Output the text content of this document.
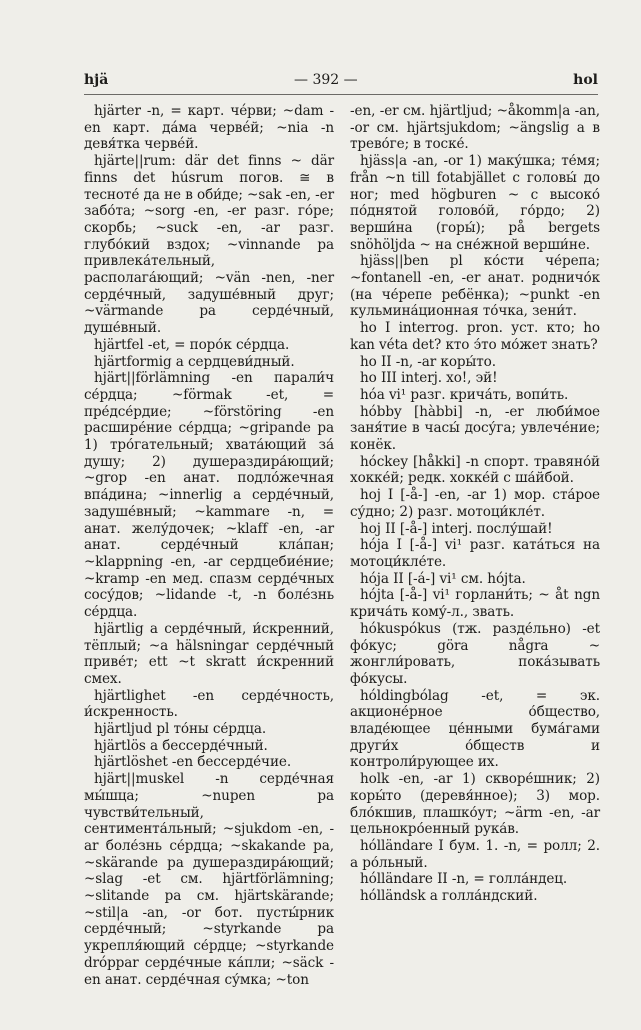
hjä	— 392 —	hol

hjärter -n, = карт. чéрви; ~dam -en карт. дáма червéй; ~nia -n девя́тка червéй.

hjärte||rum: där det finns ~ där finns det húsrum погов. ≅ в тесноте́ да не в оби́де; ~sak -en, -er забо́та; ~sorg -en, -er разг. го́ре; скорбь; ~suck -en, -ar разг. глубо́кий вздох; ~vinnande pa привлека́тельный, располага́ющий; ~vän -nen, -ner серде́чный, задуше́вный друг; ~värmande pa серде́чный, душе́вный.

hjärtfel -et, = поро́к се́рдца.

hjärtformig a сердцеви́дный.

hjärt||förlämning -en парали́ч се́рдца; ~förmak -et, = пре́дсе́рдие; ~förstöring -en расшире́ние се́рдца; ~gripande pa 1) тро́гательный; хвата́ющий за́ душу; 2) душераздира́ющий; ~grop -en анат. подло́жечная впа́дина; ~innerlig a серде́чный, задуше́вный; ~kammare -n, = анат. желу́дочек; ~klaff -en, -ar анат. серде́чный кла́пан; ~klappning -en, -ar сердцебие́ние; ~kramp -en мед. спазм серде́чных сосу́дов; ~lidande -t, -n боле́знь се́рдца.

hjärtlig a серде́чный, и́скренний, тёплый; ~a hälsningar серде́чный приве́т; ett ~t skratt и́скренний смех.

hjärtlighet -en серде́чность, и́скренность.

hjärtljud pl то́ны се́рдца.

hjärtlös a бессерде́чный.

hjärtlöshet -en бессерде́чие.

hjärt||muskel -n серде́чная мы́шца; ~nupen pa чувстви́тельный, сентимента́льный; ~sjukdom -en, -ar боле́знь се́рдца; ~skakande pa, ~skärande pa душераздира́ющий; ~slag -et см. hjärtförlämning; ~slitande pa см. hjärtskärande; ~stil|a -an, -or бот. пусты́рник серде́чный; ~styrkande pa укрепля́ющий се́рдце; ~styrkande dróppar серде́чные ка́пли; ~säck -en анат. серде́чная су́мка; ~ton

-en, -er см. hjärtljud; ~åkomm|a -an, -or см. hjärtsjukdom; ~ängslig a в трево́ге; в тоске́.

hjäss|a -an, -or 1) маку́шка; те́мя; från ~n till fotabjället с головы́ до ног; med högburen ~ с высоко́ по́днятой голово́й, го́рдо; 2) верши́на (горы́); på bergets snöhöljda ~ на сне́жной верши́не.

hjäss||ben pl ко́сти че́репа; ~fontanell -en, -er анат. родничо́к (на че́репе ребёнка); ~punkt -en кульмина́ционная то́чка, зени́т.

ho I interrog. pron. уст. кто; ho kan véta det? кто э́то мо́жет знать?

ho II -n, -ar коры́то.

ho III interj. хо!, эй!

hóa vi¹ разг. крича́ть, вопи́ть.

hóbby [hàbbi] -n, -er люби́мое заня́тие в часы́ досу́га; увлече́ние; конёк.

hóckey [håkki] -n спорт. травяно́й хокке́й; редк. хокке́й с ша́йбой.

hoj I [-å-] -en, -ar 1) мор. ста́рое су́дно; 2) разг. мотоци́кле́т.

hoj II [-å-] interj. послу́шай!

hója I [-å-] vi¹ разг. ката́ться на мотоци́кле́те.

hója II [-á-] vi¹ см. hójta.

hójta [-å-] vi¹ горлани́ть; ~ åt ngn крича́ть кому́-л., звать.

hókuspókus (тж. разде́льно) -et фо́кус; göra några ~ жонгли́ровать, пока́зывать фо́кусы.

hóldingbólag -et, = эк. акционе́рное о́бщество, владе́ющее це́нными бума́гами други́х о́бществ и контроли́рующее их.

holk -en, -ar 1) скворе́шник; 2) коры́то (деревя́нное); 3) мор. бло́кшив, плашко́ут; ~ärm -en, -ar цельнокро́енный рука́в.

hólländare I бум. 1. -n, = ролл; 2. a ро́льный.

hólländare II -n, = голла́ндец.

hólländsk a голла́ндский.
